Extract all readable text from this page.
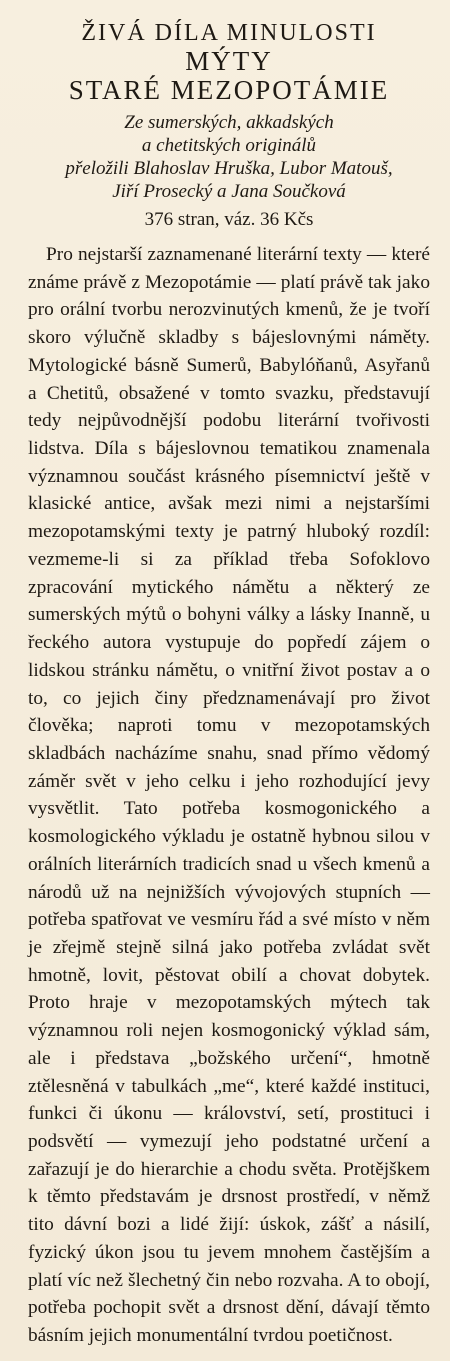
ŽIVÁ DÍLA MINULOSTI
MÝTY
STARÉ MEZOPOTÁMIE

Ze sumerských, akkadských

a chetitských originálů

přeložili Blahoslav Hruška, Lubor Matouš,

Jiří Prosecký a Jana Součková

376 stran, váz. 36 Kčs

Pro nejstarší zaznamenané literární texty — které známe právě z Mezopotámie — platí právě tak jako pro orální tvorbu nerozvinutých kmenů, že je tvoří skoro výlučně skladby s bájeslovnými náměty. Mytologické básně Sumerů, Babylóňanů, Asyřanů a Chetitů, obsažené v tomto svazku, představují tedy nejpůvodnější podobu literární tvořivosti lidstva. Díla s bájeslovnou tematikou znamenala významnou součást krásného písemnictví ještě v klasické antice, avšak mezi nimi a nejstaršími mezopotamskými texty je patrný hluboký rozdíl: vezmeme-li si za příklad třeba Sofoklovo zpracování mytického námětu a některý ze sumerských mýtů o bohyni války a lásky Inanně, u řeckého autora vystupuje do popředí zájem o lidskou stránku námětu, o vnitřní život postav a o to, co jejich činy předznamenávají pro život člověka; naproti tomu v mezopotamských skladbách nacházíme snahu, snad přímo vědomý záměr svět v jeho celku i jeho rozhodující jevy vysvětlit. Tato potřeba kosmogonického a kosmologického výkladu je ostatně hybnou silou v orálních literárních tradicích snad u všech kmenů a národů už na nejnižších vývojových stupních — potřeba spatřovat ve vesmíru řád a své místo v něm je zřejmě stejně silná jako potřeba zvládat svět hmotně, lovit, pěstovat obilí a chovat dobytek. Proto hraje v mezopotamských mýtech tak významnou roli nejen kosmogonický výklad sám, ale i představa „božského určení“, hmotně ztělesněná v tabulkách „me“, které každé instituci, funkci či úkonu — království, setí, prostituci i podsvětí — vymezují jeho podstatné určení a zařazují je do hierarchie a chodu světa. Protějškem k těmto představám je drsnost prostředí, v němž tito dávní bozi a lidé žijí: úskok, zášť a násilí, fyzický úkon jsou tu jevem mnohem častějším a platí víc než šlechetný čin nebo rozvaha. A to obojí, potřeba pochopit svět a drsnost dění, dávají těmto básním jejich monumentální tvrdou poetičnost.
